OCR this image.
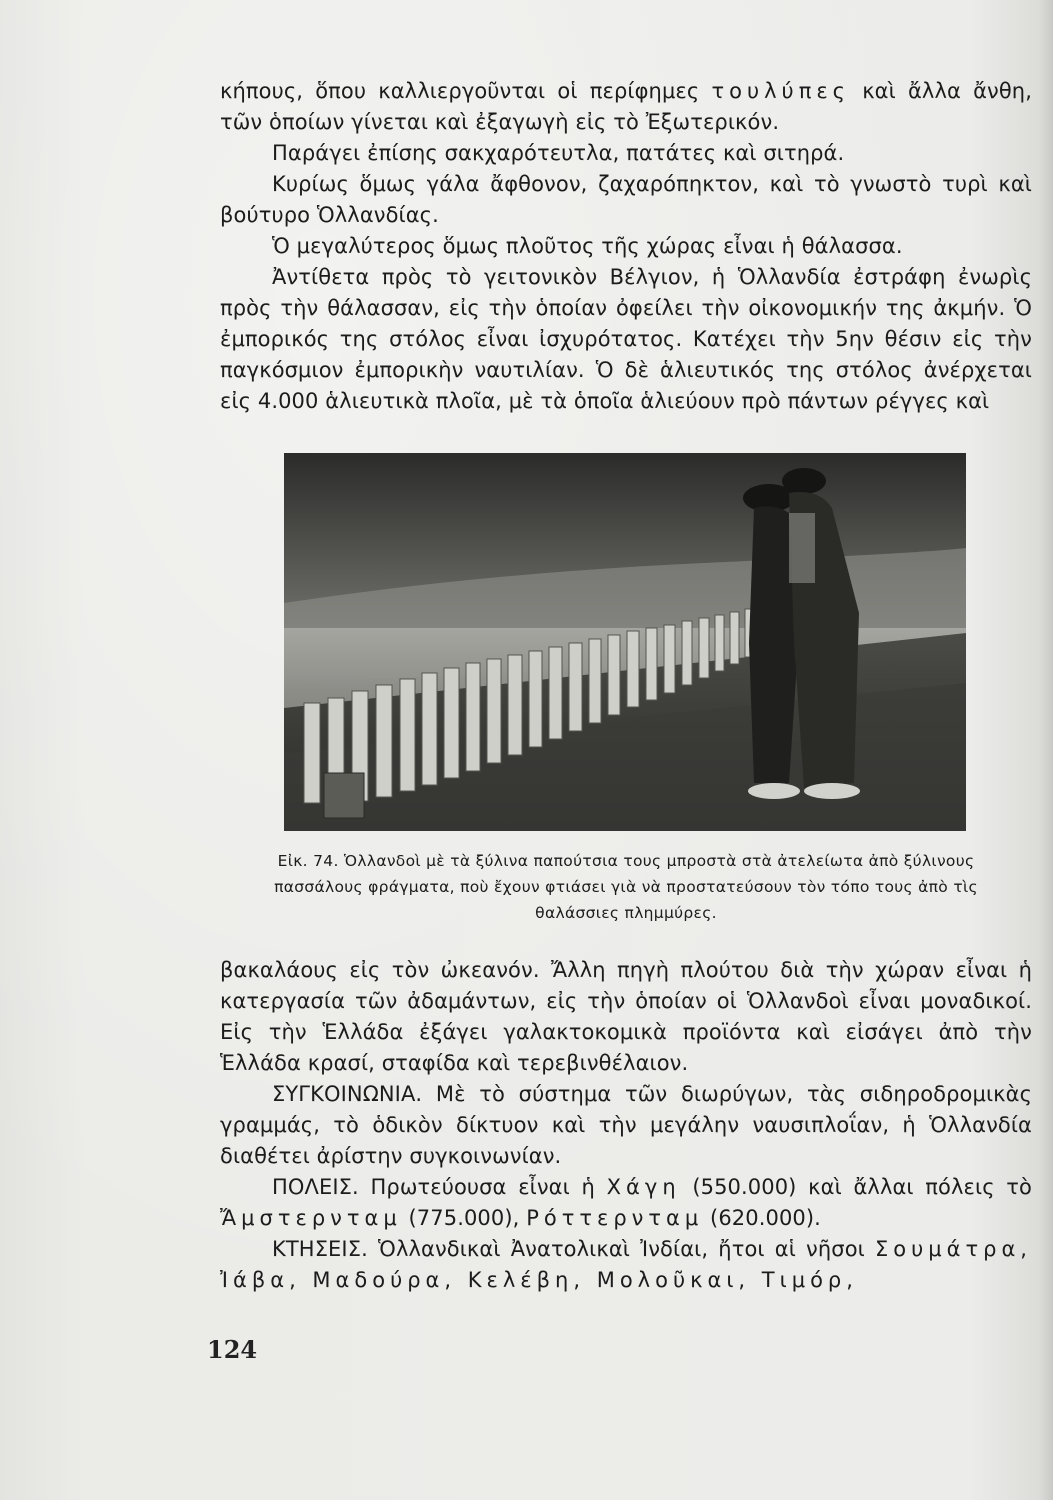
κήπους, ὅπου καλλιεργοῦνται οἱ περίφημες τουλύπες καὶ ἄλλα ἄνθη, τῶν ὁποίων γίνεται καὶ ἐξαγωγὴ εἰς τὸ Ἐξωτερικόν.

Παράγει ἐπίσης σακχαρότευτλα, πατάτες καὶ σιτηρά.

Κυρίως ὅμως γάλα ἄφθονον, ζαχαρόπηκτον, καὶ τὸ γνωστὸ τυρὶ καὶ βούτυρο Ὁλλανδίας.

Ὁ μεγαλύτερος ὅμως πλοῦτος τῆς χώρας εἶναι ἡ θάλασσα.

Ἀντίθετα πρὸς τὸ γειτονικὸν Βέλγιον, ἡ Ὁλλανδία ἐστράφη ἐνωρὶς πρὸς τὴν θάλασσαν, εἰς τὴν ὁποίαν ὀφείλει τὴν οἰκονομικήν της ἀκμήν. Ὁ ἐμπορικός της στόλος εἶναι ἰσχυρότατος. Κατέχει τὴν 5ην θέσιν εἰς τὴν παγκόσμιον ἐμπορικὴν ναυτιλίαν. Ὁ δὲ ἁλιευτικός της στόλος ἀνέρχεται εἰς 4.000 ἁλιευτικὰ πλοῖα, μὲ τὰ ὁποῖα ἁλιεύουν πρὸ πάντων ρέγγες καὶ

Εἰκ. 74. Ὁλλανδοὶ μὲ τὰ ξύλινα παπούτσια τους μπροστὰ στὰ ἀτελείωτα ἀπὸ ξύλινους πασσάλους φράγματα, ποὺ ἔχουν φτιάσει γιὰ νὰ προστατεύσουν τὸν τόπο τους ἀπὸ τὶς θαλάσσιες πλημμύρες.

βακαλάους εἰς τὸν ὠκεανόν. Ἄλλη πηγὴ πλούτου διὰ τὴν χώραν εἶναι ἡ κατεργασία τῶν ἀδαμάντων, εἰς τὴν ὁποίαν οἱ Ὁλλανδοὶ εἶναι μοναδικοί. Εἰς τὴν Ἑλλάδα ἐξάγει γαλακτοκομικὰ προϊόντα καὶ εἰσάγει ἀπὸ τὴν Ἑλλάδα κρασί, σταφίδα καὶ τερεβινθέλαιον.

ΣΥΓΚΟΙΝΩΝΙΑ. Μὲ τὸ σύστημα τῶν διωρύγων, τὰς σιδηροδρομικὰς γραμμάς, τὸ ὁδικὸν δίκτυον καὶ τὴν μεγάλην ναυσιπλοΐαν, ἡ Ὁλλανδία διαθέτει ἀρίστην συγκοινωνίαν.

ΠΟΛΕΙΣ. Πρωτεύουσα εἶναι ἡ Χάγη (550.000) καὶ ἄλλαι πόλεις τὸ Ἄμστερνταμ (775.000), Ρόττερνταμ (620.000).

ΚΤΗΣΕΙΣ. Ὁλλανδικαὶ Ἀνατολικαὶ Ἰνδίαι, ἤτοι αἱ νῆσοι Σουμάτρα, Ἰάβα, Μαδούρα, Κελέβη, Μολοῦκαι, Τιμόρ,

124
